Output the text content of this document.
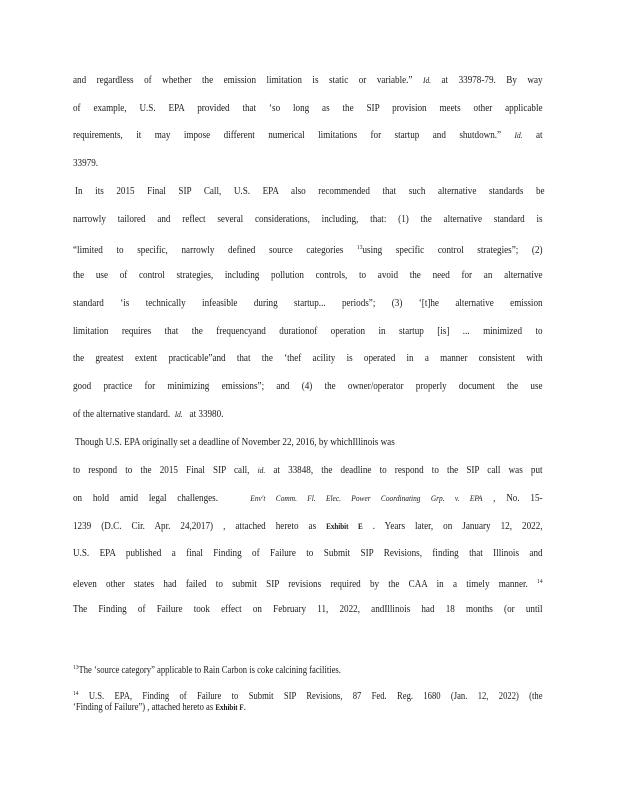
and regardless of whether the emission limitation is static or variable.” Id. at 33978-79. By way
of example, U.S. EPA provided that ‘so long as the SIP provision meets other applicable
requirements, it may impose different numerical limitations for startup and shutdown.” Id. at
33979.
In its 2015 Final SIP Call, U.S. EPA also recommended that such alternative standards be
narrowly tailored and reflect several considerations, including, that: (1) the alternative standard is
“limited to specific, narrowly defined source categories $^{13}$using specific control strategies”; (2)
the use of control strategies, including pollution controls, to avoid the need for an alternative
standard ‘is technically infeasible during startup... periods”; (3) ‘[t]he alternative emission
limitation requires that the frequencyand durationof operation in startup [is] ... minimized to
the greatest extent practicable”and that the ‘thef acility is operated in a manner consistent with
good practice for minimizing emissions”; and (4) the owner/operator properly document the use
of the alternative standard. Id. at 33980.
Though U.S. EPA originally set a deadline of November 22, 2016, by whichIllinois was
to respond to the 2015 Final SIP call, id. at 33848, the deadline to respond to the SIP call was put
on hold amid legal challenges.	Env't Comm. Fl. Elec. Power Coordinating Grp. v. EPA , No. 15-
1239 (D.C. Cir. Apr. 24,2017) , attached hereto as Exhibit E . Years later, on January 12, 2022,
U.S. EPA published a final Finding of Failure to Submit SIP Revisions, finding that Illinois and
eleven other states had failed to submit SIP revisions required by the CAA in a timely manner. $^{14}$
The Finding of Failure took effect on February 11, 2022, andIllinois had 18 months (or until
$^{13}$The ‘source category” applicable to Rain Carbon is coke calcining facilities.
$^{14}$ U.S. EPA, Finding of Failure to Submit SIP Revisions, 87 Fed. Reg. 1680 (Jan. 12, 2022) (the
‘Finding of Failure”) , attached hereto as Exhibit F.
